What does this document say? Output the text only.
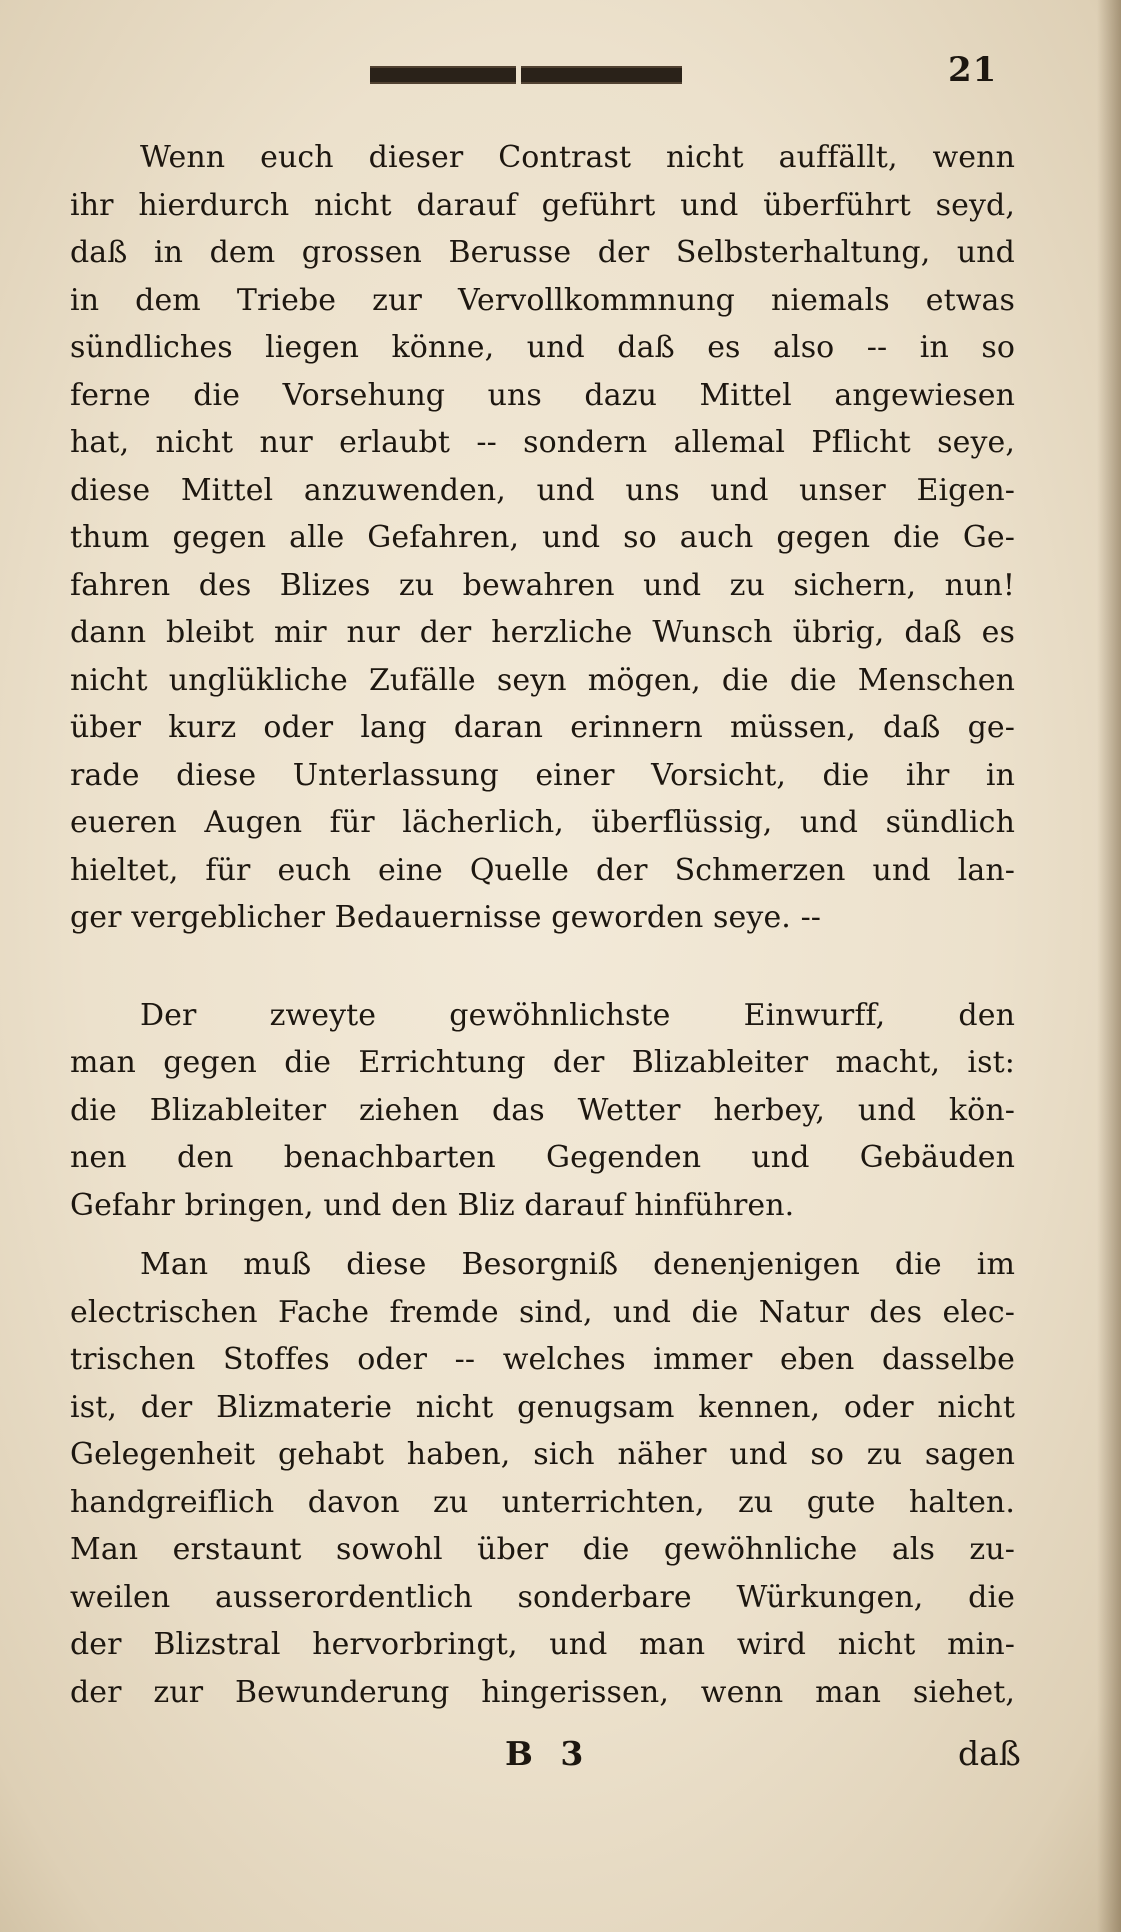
21
Wenn euch dieser Contrast nicht auffällt, wenn
ihr hierdurch nicht darauf geführt und überführt seyd,
daß in dem grossen Berusse der Selbsterhaltung, und
in dem Triebe zur Vervollkommnung niemals etwas
sündliches liegen könne, und daß es also -- in so
ferne die Vorsehung uns dazu Mittel angewiesen
hat, nicht nur erlaubt -- sondern allemal Pflicht seye,
diese Mittel anzuwenden, und uns und unser Eigen-
thum gegen alle Gefahren, und so auch gegen die Ge-
fahren des Blizes zu bewahren und zu sichern, nun!
dann bleibt mir nur der herzliche Wunsch übrig, daß es
nicht unglükliche Zufälle seyn mögen, die die Menschen
über kurz oder lang daran erinnern müssen, daß ge-
rade diese Unterlassung einer Vorsicht, die ihr in
eueren Augen für lächerlich, überflüssig, und sündlich
hieltet, für euch eine Quelle der Schmerzen und lan-
ger vergeblicher Bedauernisse geworden seye. --
Der zweyte gewöhnlichste Einwurff, den
man gegen die Errichtung der Blizableiter macht, ist:
die Blizableiter ziehen das Wetter herbey, und kön-
nen den benachbarten Gegenden und Gebäuden
Gefahr bringen, und den Bliz darauf hinführen.
Man muß diese Besorgniß denenjenigen die im
electrischen Fache fremde sind, und die Natur des elec-
trischen Stoffes oder -- welches immer eben dasselbe
ist, der Blizmaterie nicht genugsam kennen, oder nicht
Gelegenheit gehabt haben, sich näher und so zu sagen
handgreiflich davon zu unterrichten, zu gute halten.
Man erstaunt sowohl über die gewöhnliche als zu-
weilen ausserordentlich sonderbare Würkungen, die
der Blizstral hervorbringt, und man wird nicht min-
der zur Bewunderung hingerissen, wenn man siehet,
B 3	daß
